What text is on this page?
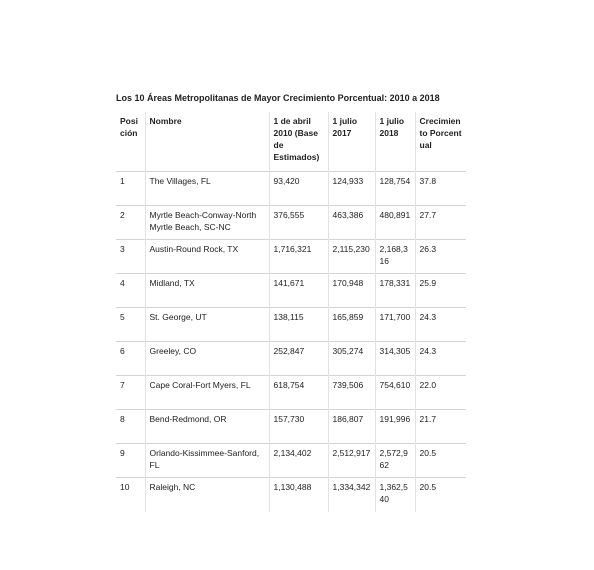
Los 10 Áreas Metropolitanas de Mayor Crecimiento Porcentual: 2010 a 2018
Posición	Nombre	1 de abril 2010 (Base de Estimados)	1 julio 2017	1 julio 2018	Crecimiento Porcentual
1	The Villages, FL	93,420	124,933	128,754	37.8
2	Myrtle Beach-Conway-North Myrtle Beach, SC-NC	376,555	463,386	480,891	27.7
3	Austin-Round Rock, TX	1,716,321	2,115,230	2,168,316	26.3
4	Midland, TX	141,671	170,948	178,331	25.9
5	St. George, UT	138,115	165,859	171,700	24.3
6	Greeley, CO	252,847	305,274	314,305	24.3
7	Cape Coral-Fort Myers, FL	618,754	739,506	754,610	22.0
8	Bend-Redmond, OR	157,730	186,807	191,996	21.7
9	Orlando-Kissimmee-Sanford, FL	2,134,402	2,512,917	2,572,962	20.5
10	Raleigh, NC	1,130,488	1,334,342	1,362,540	20.5
